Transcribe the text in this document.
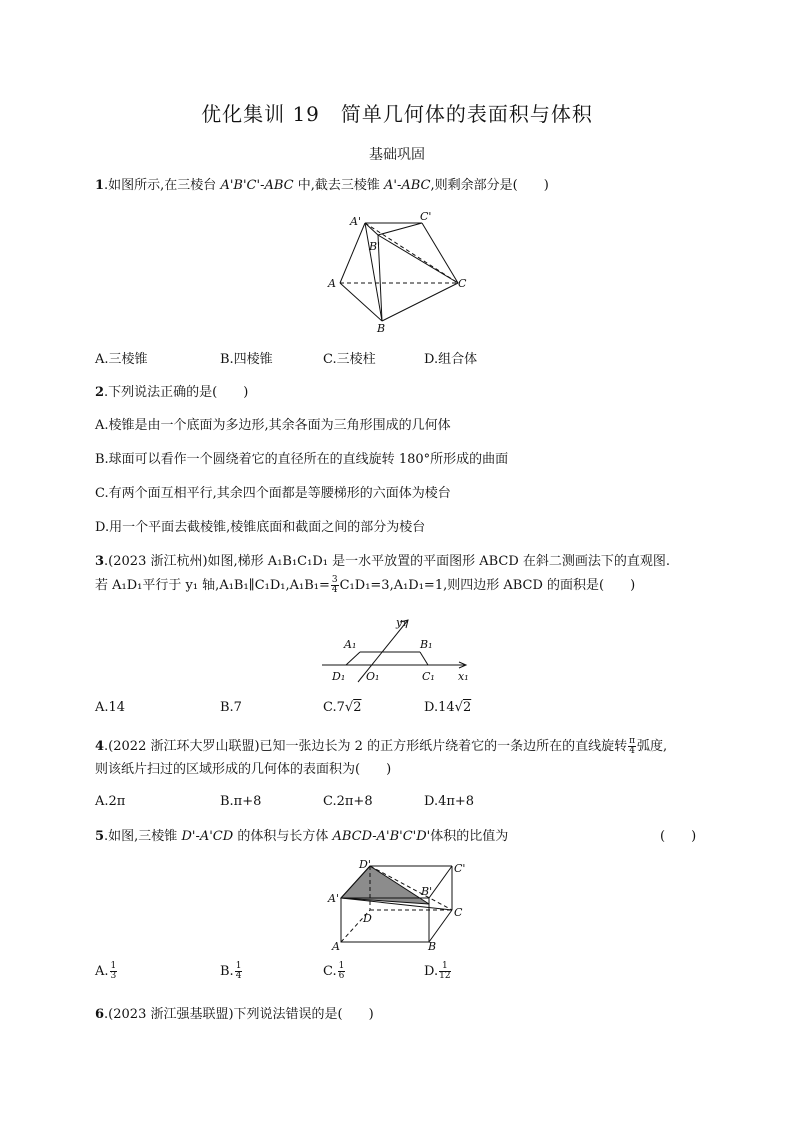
优化集训 19　简单几何体的表面积与体积
基础巩固
1.如图所示,在三棱台 A'B'C'-ABC 中,截去三棱锥 A'-ABC,则剩余部分是(　　)
A'	C'
B'
A	C
B
A.三棱锥	B.四棱锥	C.三棱柱	D.组合体
2.下列说法正确的是(　　)
A.棱锥是由一个底面为多边形,其余各面为三角形围成的几何体
B.球面可以看作一个圆绕着它的直径所在的直线旋转 180°所形成的曲面
C.有两个面互相平行,其余四个面都是等腰梯形的六面体为棱台
D.用一个平面去截棱锥,棱锥底面和截面之间的部分为棱台
3.(2023 浙江杭州)如图,梯形 A₁B₁C₁D₁ 是一水平放置的平面图形 ABCD 在斜二测画法下的直观图.
若 A₁D₁平行于 y₁ 轴,A₁B₁∥C₁D₁,A₁B₁= $\frac{3}{4} C_1D_1=3,A_1D_1=1$,则四边形 ABCD 的面积是(　　)
y₁
x₁
A₁	B₁
C₁
D₁ O₁
A.14	B.7	C.7√2	D.14√2
4.(2022 浙江环大罗山联盟)已知一张边长为 2 的正方形纸片绕着它的一条边所在的直线旋转 $\frac{\pi}{4}$ 弧度,
则该纸片扫过的区域形成的几何体的表面积为(　　)
A.2π	B.π+8	C.2π+8	D.4π+8
5.如图,三棱锥 D'-A'CD 的体积与长方体 ABCD-A'B'C'D'体积的比值为	(　　)
D'	C'
A'
B'
D	C
A	B
A. $\frac{1}{3}$	B. $\frac{1}{4}$	C. $\frac{1}{6}$	D. $\frac{1}{12}$
6.(2023 浙江强基联盟)下列说法错误的是(　　)
